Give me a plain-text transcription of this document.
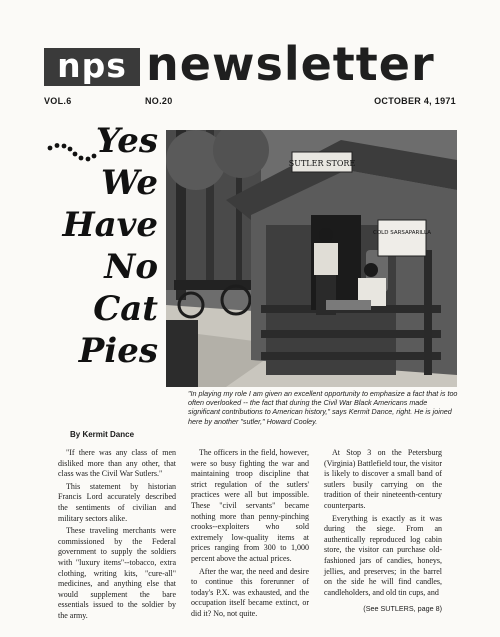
nps newsletter
VOL.6	NO.20	OCTOBER 4, 1971
Yes
We
Have
No
Cat
Pies
SUTLER STORE
COLD SARSAPARILLA
"In playing my role I am given an excellent opportunity to emphasize a fact that is too often overlooked -- the fact that during the Civil War Black Americans made significant contributions to American history," says Kermit Dance, right. He is joined here by another "sutler," Howard Cooley.
By Kermit Dance

"If there was any class of men disliked more than any other, that class was the Civil War Sutlers."

This statement by historian Francis Lord accurately described the sentiments of civilian and military sectors alike.

These traveling merchants were commissioned by the Federal government to supply the soldiers with "luxury items"--tobacco, extra clothing, writing kits, "cure-all" medicines, and anything else that would supplement the bare essentials issued to the soldier by the army.

The officers in the field, however, were so busy fighting the war and maintaining troop discipline that strict regulation of the sutlers' practices were all but impossible. These "civil servants" became nothing more than penny-pinching crooks--exploiters who sold extremely low-quality items at prices ranging from 300 to 1,000 percent above the actual prices.

After the war, the need and desire to continue this forerunner of today's P.X. was exhausted, and the occupation itself became extinct, or did it? No, not quite.

At Stop 3 on the Petersburg (Virginia) Battlefield tour, the visitor is likely to discover a small band of sutlers busily carrying on the tradition of their nineteenth-century counterparts.

Everything is exactly as it was during the siege. From an authentically reproduced log cabin store, the visitor can purchase old-fashioned jars of candies, honeys, jellies, and preserves; in the barrel on the side he will find candles, candleholders, and old tin cups, and

(See SUTLERS, page 8)
